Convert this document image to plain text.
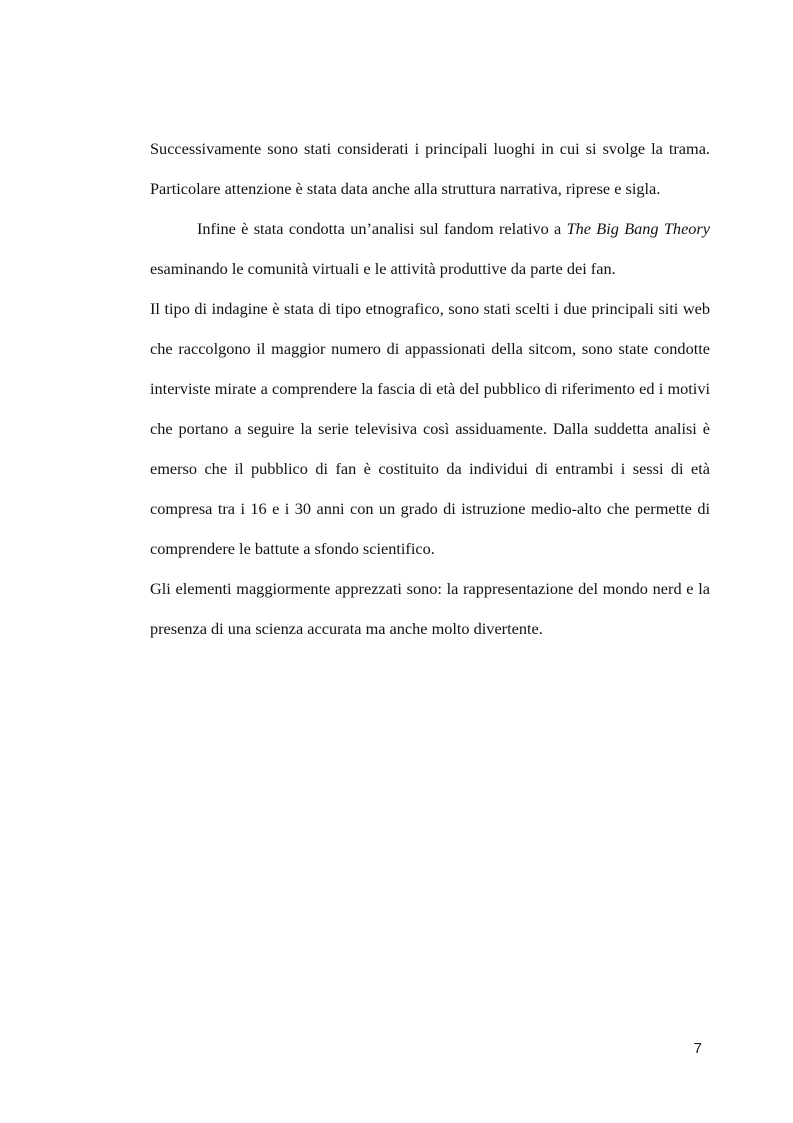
Successivamente sono stati considerati i principali luoghi in cui si svolge la trama. Particolare attenzione è stata data anche alla struttura narrativa, riprese e sigla.

Infine è stata condotta un’analisi sul fandom relativo a The Big Bang Theory esaminando le comunità virtuali e le attività produttive da parte dei fan.

Il tipo di indagine è stata di tipo etnografico, sono stati scelti i due principali siti web che raccolgono il maggior numero di appassionati della sitcom, sono state condotte interviste mirate a comprendere la fascia di età del pubblico di riferimento ed i motivi che portano a seguire la serie televisiva così assiduamente. Dalla suddetta analisi è emerso che il pubblico di fan è costituito da individui di entrambi i sessi di età compresa tra i 16 e i 30 anni con un grado di istruzione medio-alto che permette di comprendere le battute a sfondo scientifico.

Gli elementi maggiormente apprezzati sono: la rappresentazione del mondo nerd e la presenza di una scienza accurata ma anche molto divertente.

7
